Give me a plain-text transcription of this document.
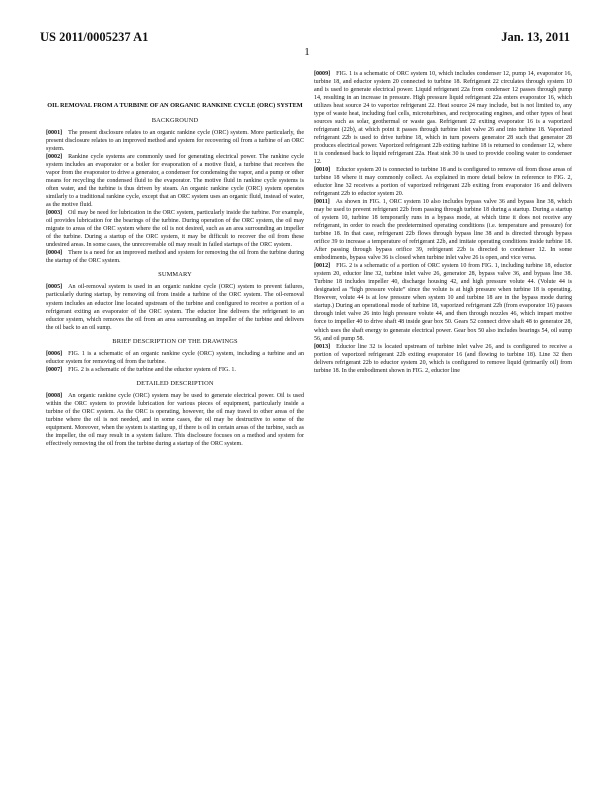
US 2011/0005237 A1	Jan. 13, 2011
1
OIL REMOVAL FROM A TURBINE OF AN ORGANIC RANKINE CYCLE (ORC) SYSTEM
BACKGROUND

[0001] The present disclosure relates to an organic rankine cycle (ORC) system. More particularly, the present disclosure relates to an improved method and system for recovering oil from a turbine of an ORC system.

[0002] Rankine cycle systems are commonly used for generating electrical power. The rankine cycle system includes an evaporator or a boiler for evaporation of a motive fluid, a turbine that receives the vapor from the evaporator to drive a generator, a condenser for condensing the vapor, and a pump or other means for recycling the condensed fluid to the evaporator. The motive fluid in rankine cycle systems is often water, and the turbine is thus driven by steam. An organic rankine cycle (ORC) system operates similarly to a traditional rankine cycle, except that an ORC system uses an organic fluid, instead of water, as the motive fluid.

[0003] Oil may be need for lubrication in the ORC system, particularly inside the turbine. For example, oil provides lubrication for the bearings of the turbine. During operation of the ORC system, the oil may migrate to areas of the ORC system where the oil is not desired, such as an area surrounding an impeller of the turbine. During a startup of the ORC system, it may be difficult to recover the oil from these undesired areas. In some cases, the unrecoverable oil may result in failed startups of the ORC system.

[0004] There is a need for an improved method and system for removing the oil from the turbine during the startup of the ORC system.

SUMMARY

[0005] An oil-removal system is used in an organic rankine cycle (ORC) system to prevent failures, particularly during startup, by removing oil from inside a turbine of the ORC system. The oil-removal system includes an eductor line located upstream of the turbine and configured to receive a portion of a refrigerant exiting an evaporator of the ORC system. The eductor line delivers the refrigerant to an eductor system, which removes the oil from an area surrounding an impeller of the turbine and delivers the oil back to an oil sump.

BRIEF DESCRIPTION OF THE DRAWINGS

[0006] FIG. 1 is a schematic of an organic rankine cycle (ORC) system, including a turbine and an eductor system for removing oil from the turbine.

[0007] FIG. 2 is a schematic of the turbine and the eductor system of FIG. 1.

DETAILED DESCRIPTION

[0008] An organic rankine cycle (ORC) system may be used to generate electrical power. Oil is used within the ORC system to provide lubrication for various pieces of equipment, particularly inside a turbine of the ORC system. As the ORC is operating, however, the oil may travel to other areas of the turbine where the oil is not needed, and in some cases, the oil may be destructive to some of the equipment. Moreover, when the system is starting up, if there is oil in certain areas of the turbine, such as the impeller, the oil may result in a system failure. This disclosure focuses on a method and system for effectively removing the oil from the turbine during a startup of the ORC system.

[0009] FIG. 1 is a schematic of ORC system 10, which includes condenser 12, pump 14, evaporator 16, turbine 18, and eductor system 20 connected to turbine 18. Refrigerant 22 circulates through system 10 and is used to generate electrical power. Liquid refrigerant 22a from condenser 12 passes through pump 14, resulting in an increase in pressure. High pressure liquid refrigerant 22a enters evaporator 16, which utilizes heat source 24 to vaporize refrigerant 22. Heat source 24 may include, but is not limited to, any type of waste heat, including fuel cells, microturbines, and reciprocating engines, and other types of heat sources such as solar, geothermal or waste gas. Refrigerant 22 exiting evaporator 16 is a vaporized refrigerant (22b), at which point it passes through turbine inlet valve 26 and into turbine 18. Vaporized refrigerant 22b is used to drive turbine 18, which in turn powers generator 28 such that generator 28 produces electrical power. Vaporized refrigerant 22b exiting turbine 18 is returned to condenser 12, where it is condensed back to liquid refrigerant 22a. Heat sink 30 is used to provide cooling water to condenser 12.

[0010] Eductor system 20 is connected to turbine 18 and is configured to remove oil from those areas of turbine 18 where it may commonly collect. As explained in more detail below in reference to FIG. 2, eductor line 32 receives a portion of vaporized refrigerant 22b exiting from evaporator 16 and delivers refrigerant 22b to eductor system 20.

[0011] As shown in FIG. 1, ORC system 10 also includes bypass valve 36 and bypass line 38, which may be used to prevent refrigerant 22b from passing through turbine 18 during a startup. During a startup of system 10, turbine 18 temporarily runs in a bypass mode, at which time it does not receive any refrigerant, in order to reach the predetermined operating conditions (i.e. temperature and pressure) for turbine 18. In that case, refrigerant 22b flows through bypass line 38 and is directed through bypass orifice 39 to increase a temperature of refrigerant 22b, and imitate operating conditions inside turbine 18. After passing through bypass orifice 39, refrigerant 22b is directed to condenser 12. In some embodiments, bypass valve 36 is closed when turbine inlet valve 26 is open, and vice versa.

[0012] FIG. 2 is a schematic of a portion of ORC system 10 from FIG. 1, including turbine 18, eductor system 20, eductor line 32, turbine inlet valve 26, generator 28, bypass valve 36, and bypass line 38. Turbine 18 includes impeller 40, discharge housing 42, and high pressure volute 44. (Volute 44 is designated as “high pressure volute” since the volute is at high pressure when turbine 18 is operating. However, volute 44 is at low pressure when system 10 and turbine 18 are in the bypass mode during startup.) During an operational mode of turbine 18, vaporized refrigerant 22b (from evaporator 16) passes through inlet valve 26 into high pressure volute 44, and then through nozzles 46, which impart motive force to impeller 40 to drive shaft 48 inside gear box 50. Gears 52 connect drive shaft 48 to generator 28, which uses the shaft energy to generate electrical power. Gear box 50 also includes bearings 54, oil sump 56, and oil pump 58.

[0013] Eductor line 32 is located upstream of turbine inlet valve 26, and is configured to receive a portion of vaporized refrigerant 22b exiting evaporator 16 (and flowing to turbine 18). Line 32 then delivers refrigerant 22b to eductor system 20, which is configured to remove liquid (primarily oil) from turbine 18. In the embodiment shown in FIG. 2, eductor line
